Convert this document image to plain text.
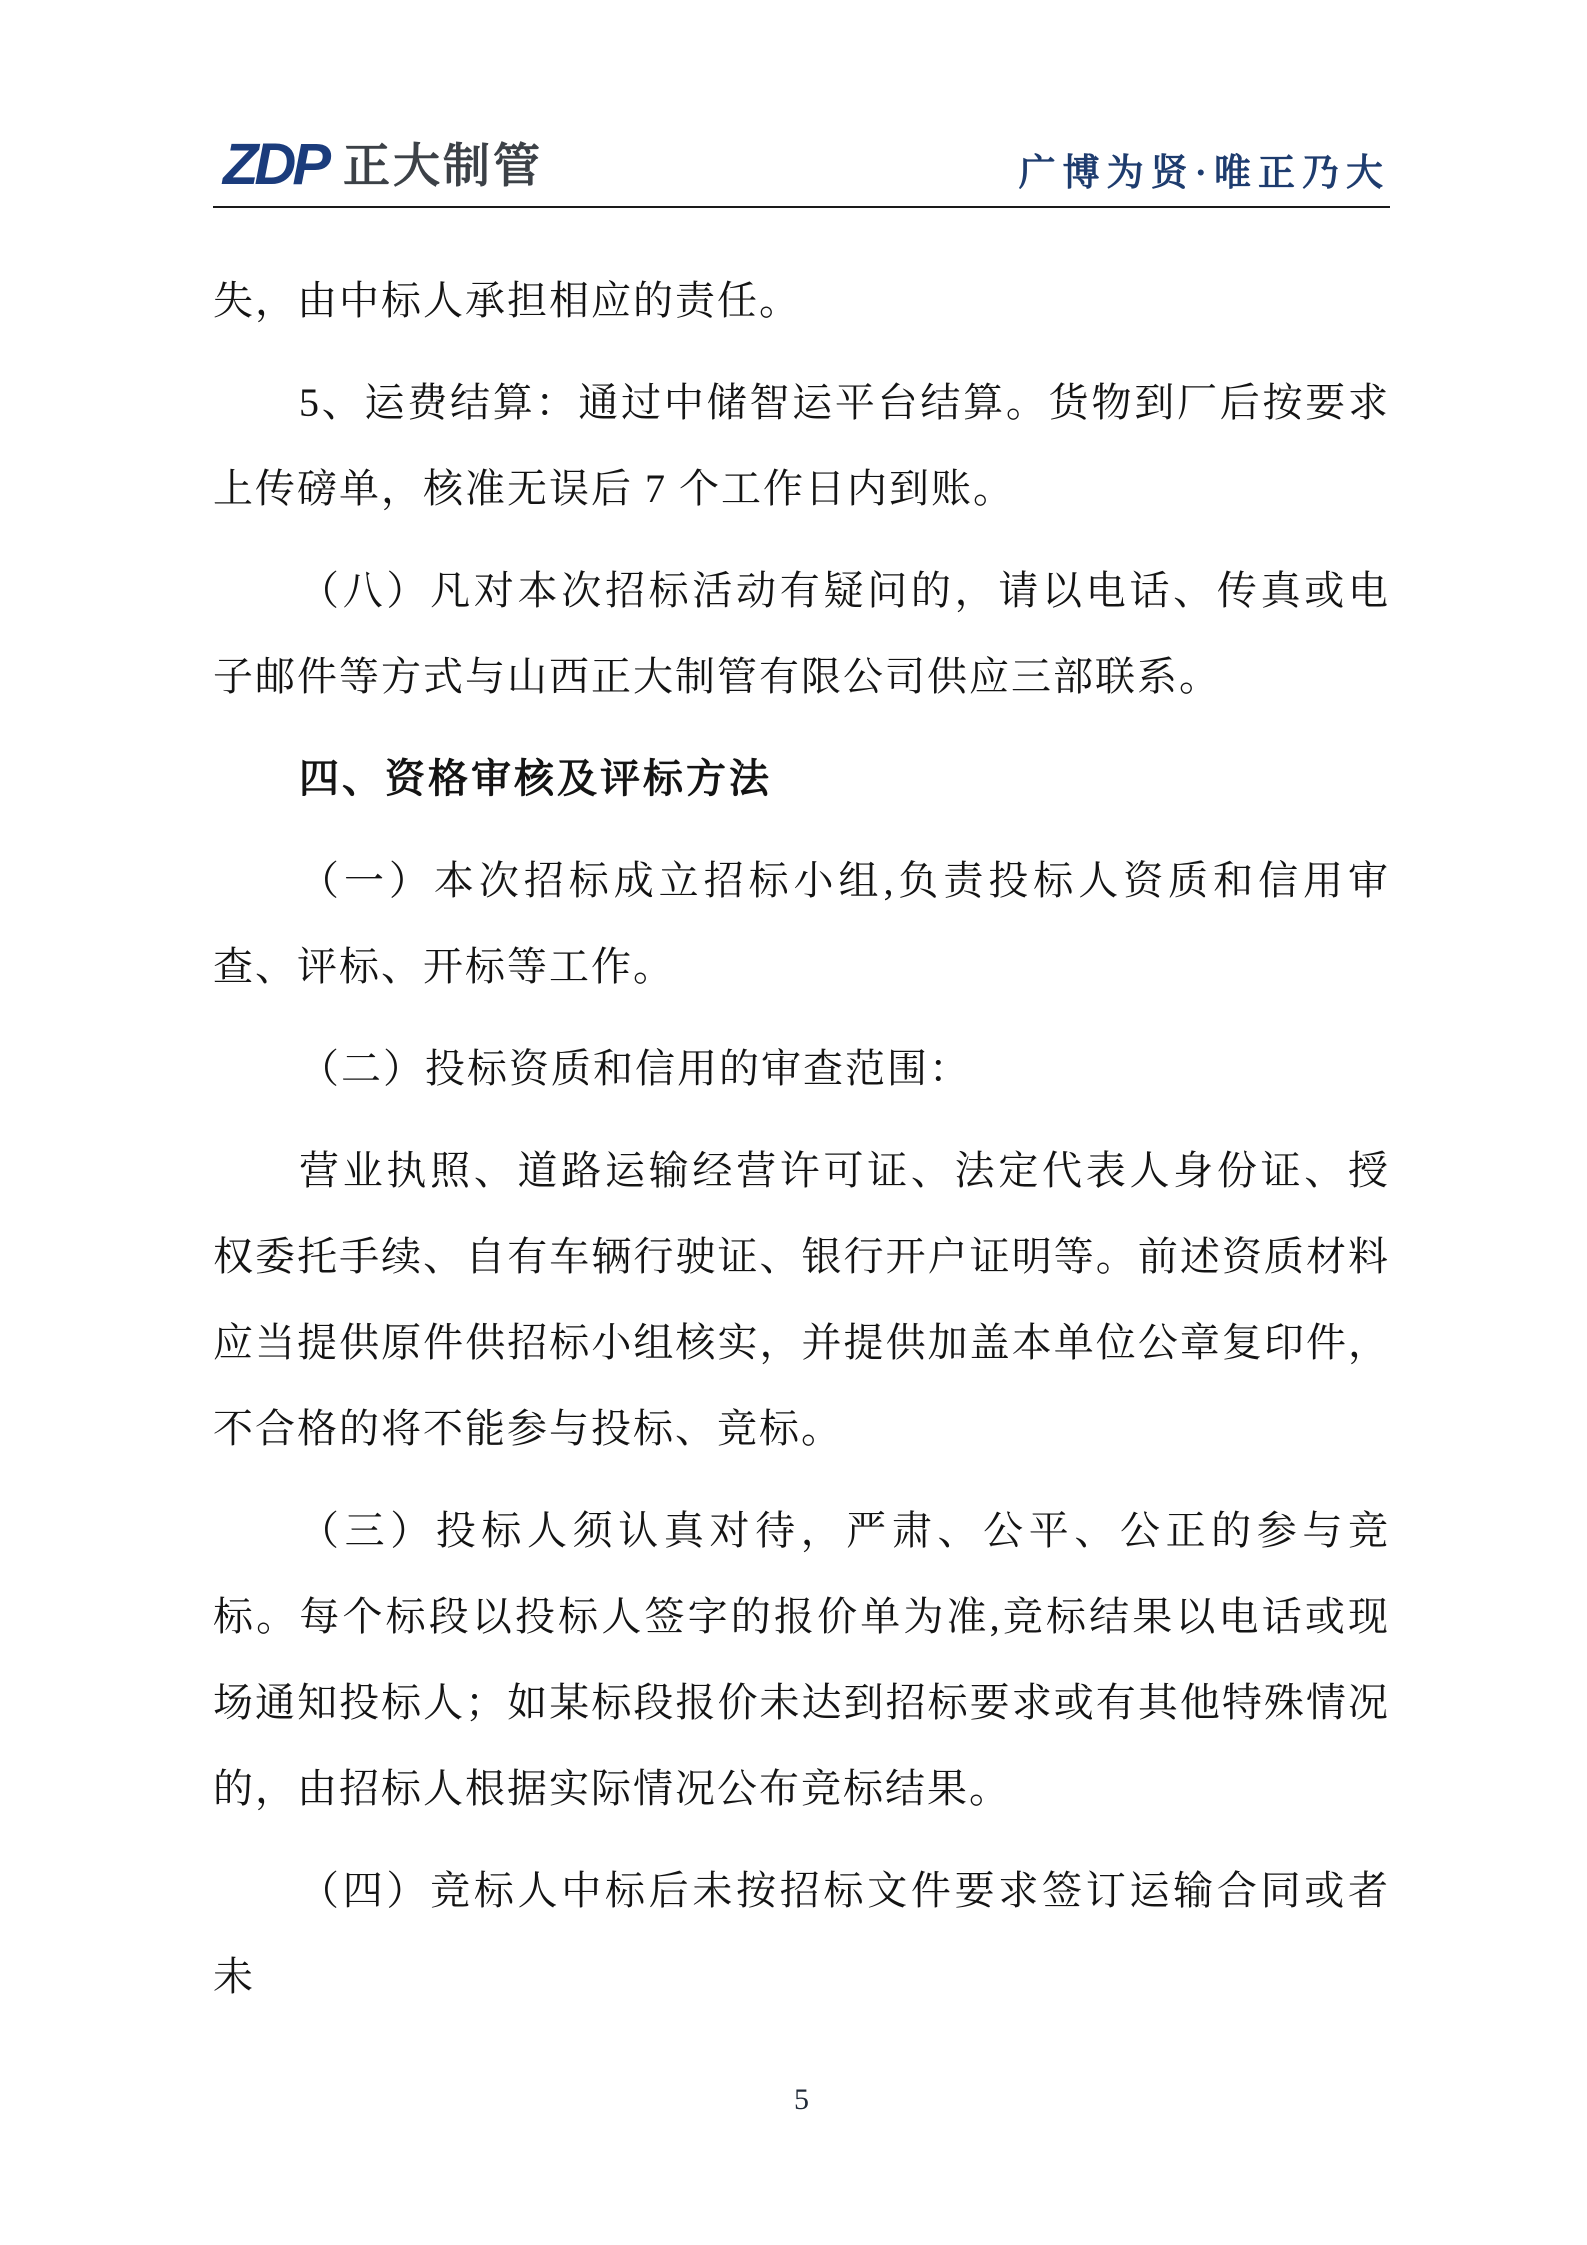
ZDP 正大制管	广博为贤·唯正乃大

失，由中标人承担相应的责任。

5、运费结算：通过中储智运平台结算。货物到厂后按要求上传磅单，核准无误后 7 个工作日内到账。

（八）凡对本次招标活动有疑问的，请以电话、传真或电子邮件等方式与山西正大制管有限公司供应三部联系。

四、资格审核及评标方法

（一）本次招标成立招标小组,负责投标人资质和信用审查、评标、开标等工作。

（二）投标资质和信用的审查范围：

营业执照、道路运输经营许可证、法定代表人身份证、授权委托手续、自有车辆行驶证、银行开户证明等。前述资质材料应当提供原件供招标小组核实，并提供加盖本单位公章复印件，不合格的将不能参与投标、竞标。

（三）投标人须认真对待，严肃、公平、公正的参与竞标。每个标段以投标人签字的报价单为准,竞标结果以电话或现场通知投标人；如某标段报价未达到招标要求或有其他特殊情况的，由招标人根据实际情况公布竞标结果。

（四）竞标人中标后未按招标文件要求签订运输合同或者未

5
